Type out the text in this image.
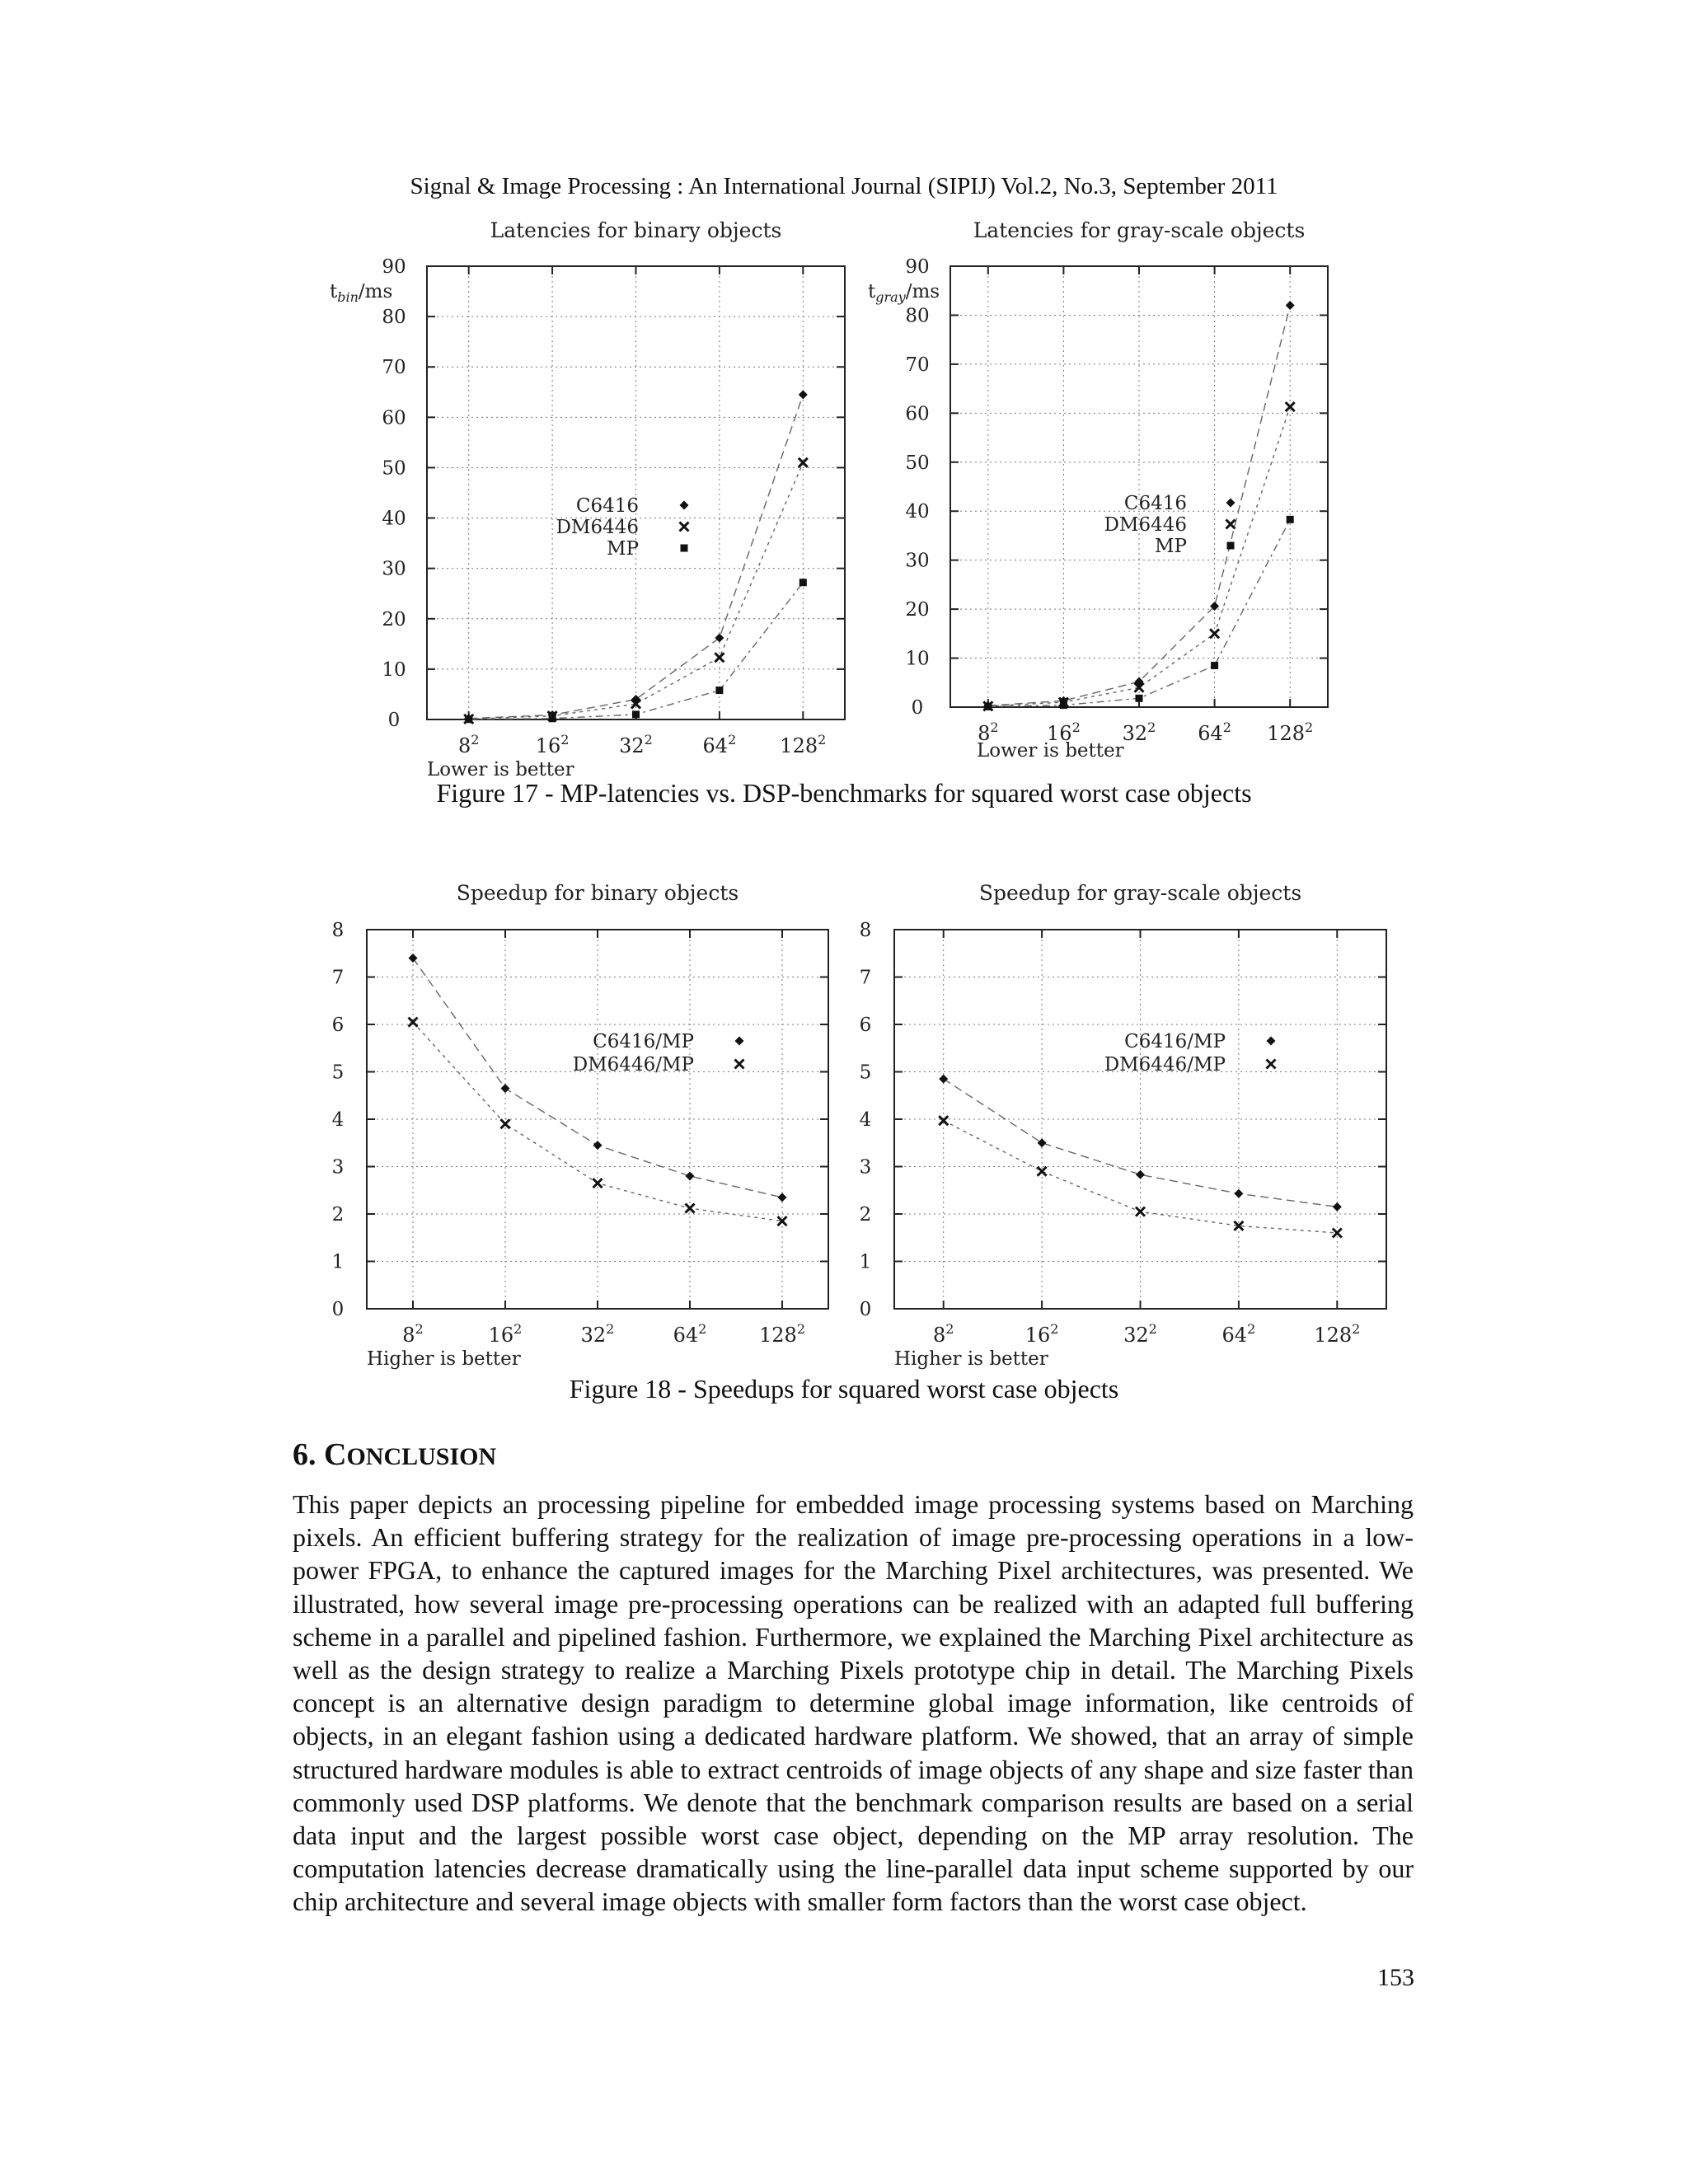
Signal & Image Processing : An International Journal (SIPIJ) Vol.2, No.3, September 2011
Latencies for binary objects
0
10
20
30
40
50
60
70
80
90
$8^2$	$16^2$	$32^2$	$64^2$ $128^2$
$t_{bin}/ms$
C6416
DM6446
MP
Lower is better
Latencies for gray-scale objects
0
10
20
30
40
50
60
70
80
90
$8^2$ $16^2$ $32^2$ $64^2$ $128^2$
$t_{gray}/ms$
C6416
DM6446
MP
Lower is better
Figure 17 - MP-latencies vs. DSP-benchmarks for squared worst case objects
Speedup for binary objects
0
1
2
3
4
5
6
7
8
$8^2$	$16^2$	$32^2$	$64^2$	$128^2$
C6416/MP
DM6446/MP
Higher is better
Speedup for gray-scale objects
0
1
2
3
4
5
6
7
8
$8^2$	$16^2$	$32^2$	$64^2$	$128^2$
C6416/MP
DM6446/MP
Higher is better
Figure 18 - Speedups for squared worst case objects
6. CONCLUSION

This paper depicts an processing pipeline for embedded image processing systems based on Marching pixels. An efficient buffering strategy for the realization of image pre-processing operations in a low-power FPGA, to enhance the captured images for the Marching Pixel architectures, was presented. We illustrated, how several image pre-processing operations can be realized with an adapted full buffering scheme in a parallel and pipelined fashion. Furthermore, we explained the Marching Pixel architecture as well as the design strategy to realize a Marching Pixels prototype chip in detail. The Marching Pixels concept is an alternative design paradigm to determine global image information, like centroids of objects, in an elegant fashion using a dedicated hardware platform. We showed, that an array of simple structured hardware modules is able to extract centroids of image objects of any shape and size faster than commonly used DSP platforms. We denote that the benchmark comparison results are based on a serial data input and the largest possible worst case object, depending on the MP array resolution. The computation latencies decrease dramatically using the line-parallel data input scheme supported by our chip architecture and several image objects with smaller form factors than the worst case object.

153
